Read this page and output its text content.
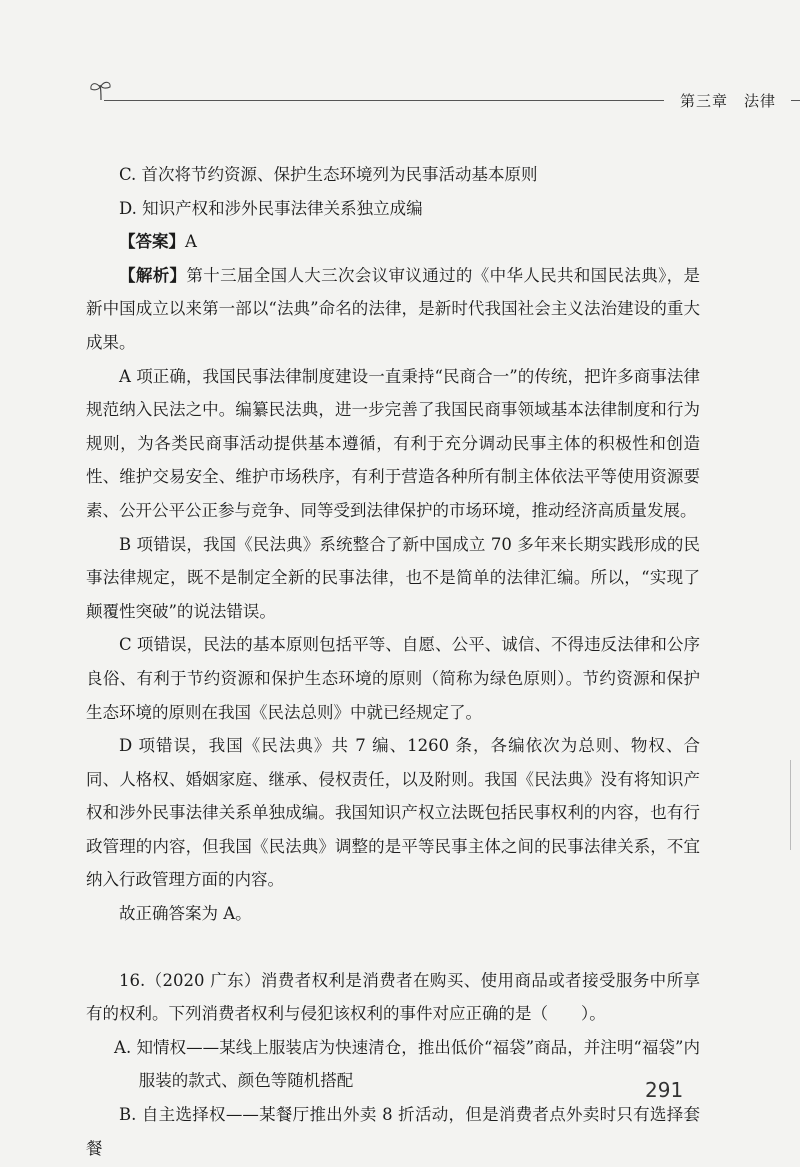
第三章　法律

C. 首次将节约资源、保护生态环境列为民事活动基本原则

D. 知识产权和涉外民事法律关系独立成编

【答案】A

【解析】第十三届全国人大三次会议审议通过的《中华人民共和国民法典》，是新中国成立以来第一部以“法典”命名的法律，是新时代我国社会主义法治建设的重大成果。

A 项正确，我国民事法律制度建设一直秉持“民商合一”的传统，把许多商事法律规范纳入民法之中。编纂民法典，进一步完善了我国民商事领域基本法律制度和行为规则，为各类民商事活动提供基本遵循，有利于充分调动民事主体的积极性和创造性、维护交易安全、维护市场秩序，有利于营造各种所有制主体依法平等使用资源要素、公开公平公正参与竞争、同等受到法律保护的市场环境，推动经济高质量发展。

B 项错误，我国《民法典》系统整合了新中国成立 70 多年来长期实践形成的民事法律规定，既不是制定全新的民事法律，也不是简单的法律汇编。所以，“实现了颠覆性突破”的说法错误。

C 项错误，民法的基本原则包括平等、自愿、公平、诚信、不得违反法律和公序良俗、有利于节约资源和保护生态环境的原则（简称为绿色原则）。节约资源和保护生态环境的原则在我国《民法总则》中就已经规定了。

D 项错误，我国《民法典》共 7 编、1260 条，各编依次为总则、物权、合同、人格权、婚姻家庭、继承、侵权责任，以及附则。我国《民法典》没有将知识产权和涉外民事法律关系单独成编。我国知识产权立法既包括民事权利的内容，也有行政管理的内容，但我国《民法典》调整的是平等民事主体之间的民事法律关系，不宜纳入行政管理方面的内容。

故正确答案为 A。

16.（2020 广东）消费者权利是消费者在购买、使用商品或者接受服务中所享有的权利。下列消费者权利与侵犯该权利的事件对应正确的是（　　）。

A. 知情权——某线上服装店为快速清仓，推出低价“福袋”商品，并注明“福袋”内服装的款式、颜色等随机搭配

B. 自主选择权——某餐厅推出外卖 8 折活动，但是消费者点外卖时只有选择套餐

291
